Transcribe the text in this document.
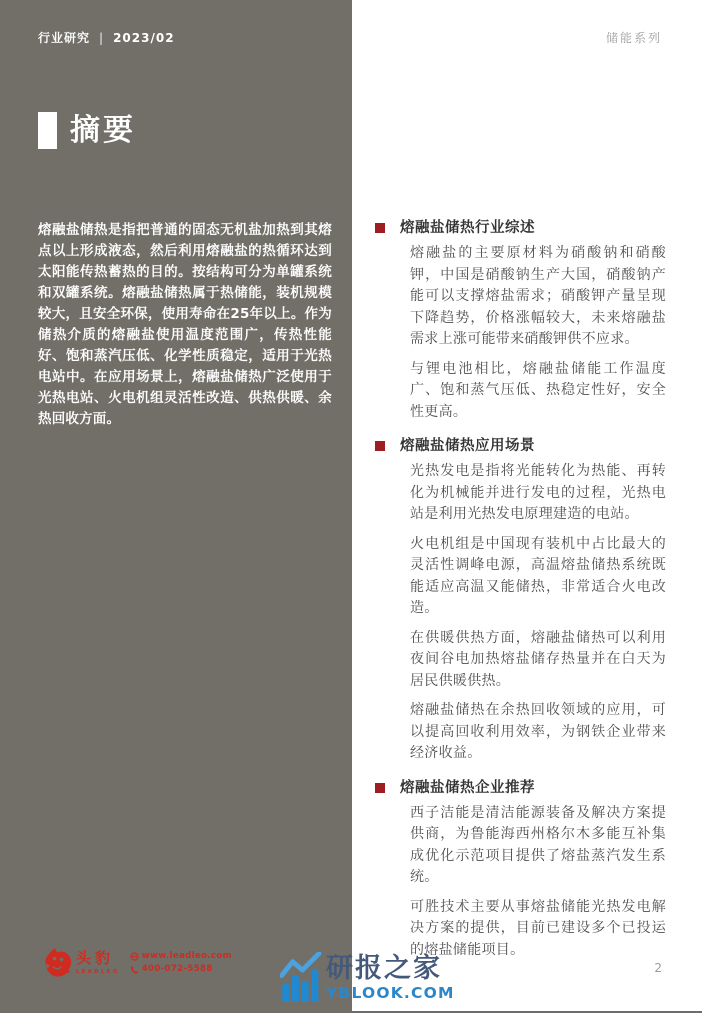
行业研究 | 2023/02
摘要
熔融盐储热是指把普通的固态无机盐加热到其熔点以上形成液态，然后利用熔融盐的热循环达到太阳能传热蓄热的目的。按结构可分为单罐系统和双罐系统。熔融盐储热属于热储能，装机规模较大，且安全环保，使用寿命在25年以上。作为储热介质的熔融盐使用温度范围广，传热性能好、饱和蒸汽压低、化学性质稳定，适用于光热电站中。在应用场景上，熔融盐储热广泛使用于光热电站、火电机组灵活性改造、供热供暖、余热回收方面。
头豹
LEADLEO
www.leadleo.com
400-072-5588
储能系列
熔融盐储热行业综述

熔融盐的主要原材料为硝酸钠和硝酸钾，中国是硝酸钠生产大国，硝酸钠产能可以支撑熔盐需求；硝酸钾产量呈现下降趋势，价格涨幅较大，未来熔融盐需求上涨可能带来硝酸钾供不应求。

与锂电池相比，熔融盐储能工作温度广、饱和蒸气压低、热稳定性好，安全性更高。

熔融盐储热应用场景

光热发电是指将光能转化为热能、再转化为机械能并进行发电的过程，光热电站是利用光热发电原理建造的电站。

火电机组是中国现有装机中占比最大的灵活性调峰电源，高温熔盐储热系统既能适应高温又能储热，非常适合火电改造。

在供暖供热方面，熔融盐储热可以利用夜间谷电加热熔盐储存热量并在白天为居民供暖供热。

熔融盐储热在余热回收领域的应用，可以提高回收利用效率，为钢铁企业带来经济收益。

熔融盐储热企业推荐

西子洁能是清洁能源装备及解决方案提供商，为鲁能海西州格尔木多能互补集成优化示范项目提供了熔盐蒸汽发生系统。

可胜技术主要从事熔盐储能光热发电解决方案的提供，目前已建设多个已投运的熔盐储能项目。

研报之家
YBLOOK.COM
2
